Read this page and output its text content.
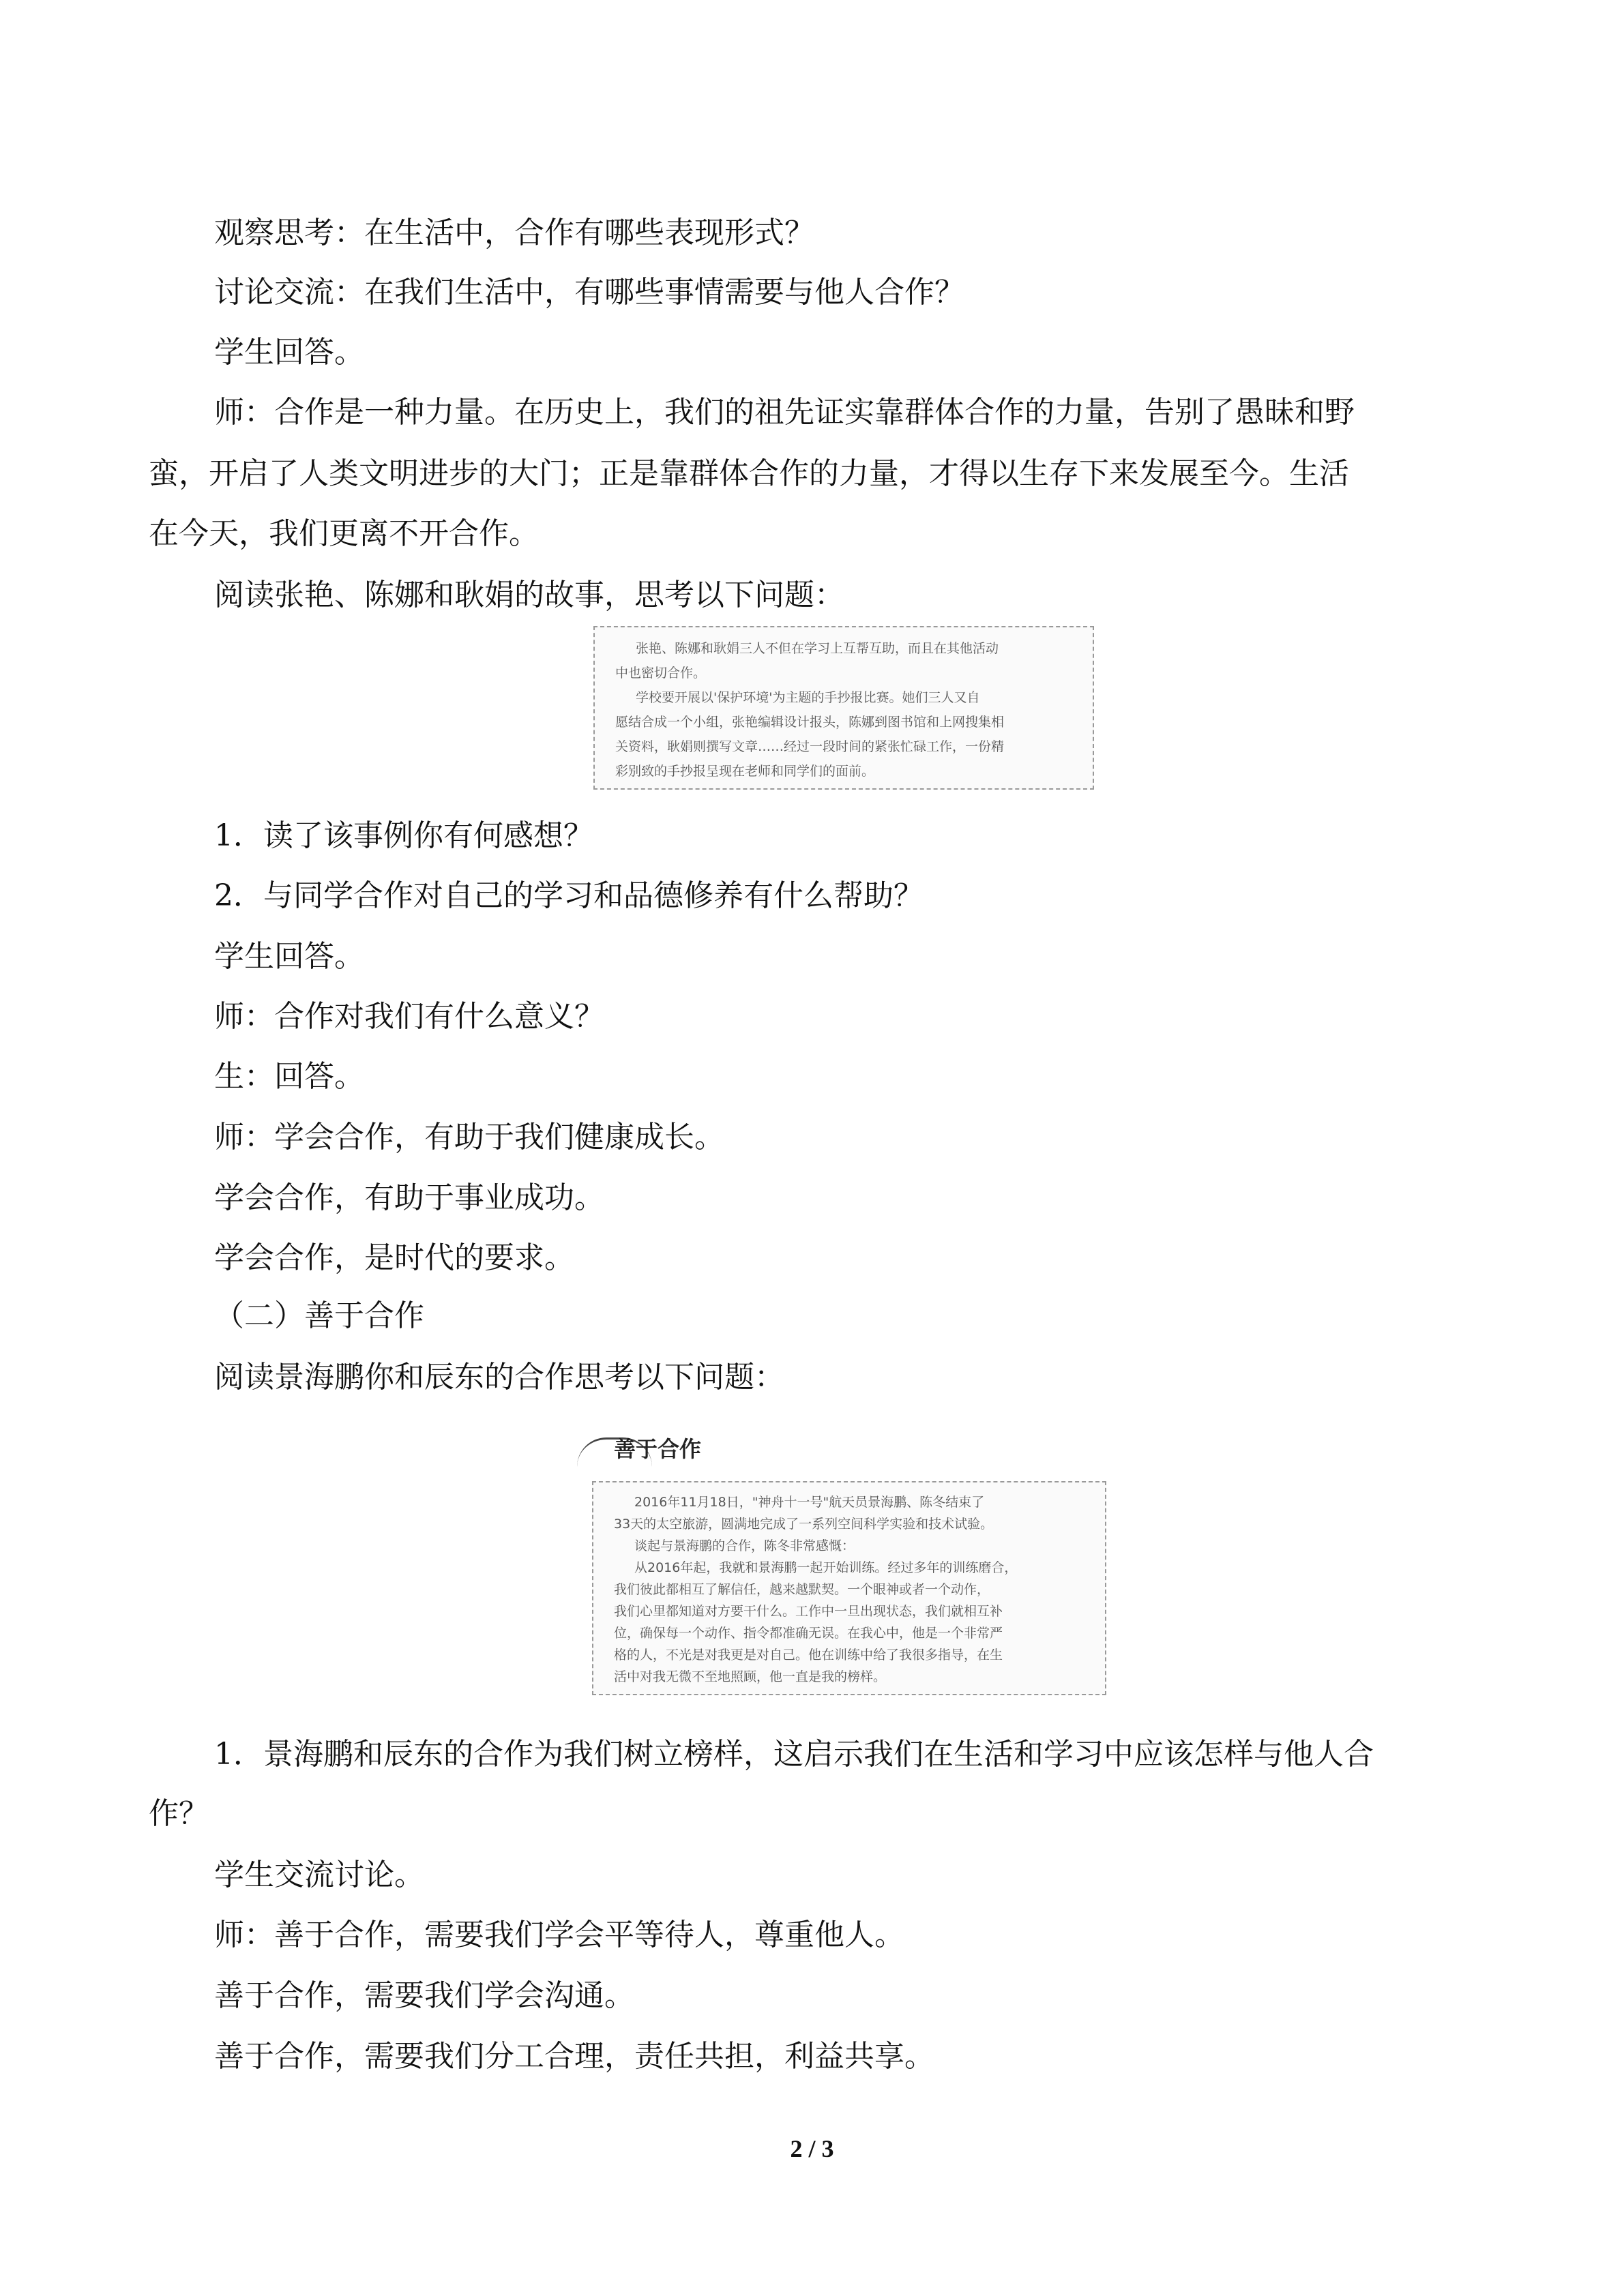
观察思考：在生活中，合作有哪些表现形式？
讨论交流：在我们生活中，有哪些事情需要与他人合作？
学生回答。
师：合作是一种力量。在历史上，我们的祖先证实靠群体合作的力量，告别了愚昧和野
蛮，开启了人类文明进步的大门；正是靠群体合作的力量，才得以生存下来发展至今。生活
在今天，我们更离不开合作。
阅读张艳、陈娜和耿娟的故事，思考以下问题：

张艳、陈娜和耿娟三人不但在学习上互帮互助，而且在其他活动

中也密切合作。

学校要开展以'保护环境'为主题的手抄报比赛。她们三人又自

愿结合成一个小组，张艳编辑设计报头，陈娜到图书馆和上网搜集相

关资料，耿娟则撰写文章……经过一段时间的紧张忙碌工作，一份精

彩别致的手抄报呈现在老师和同学们的面前。

1．读了该事例你有何感想？
2．与同学合作对自己的学习和品德修养有什么帮助？
学生回答。
师：合作对我们有什么意义？
生：回答。
师：学会合作，有助于我们健康成长。
学会合作，有助于事业成功。
学会合作，是时代的要求。
（二）善于合作
阅读景海鹏你和辰东的合作思考以下问题：
善于合作

2016年11月18日，"神舟十一号"航天员景海鹏、陈冬结束了

33天的太空旅游，圆满地完成了一系列空间科学实验和技术试验。

谈起与景海鹏的合作，陈冬非常感慨：

从2016年起，我就和景海鹏一起开始训练。经过多年的训练磨合，

我们彼此都相互了解信任，越来越默契。一个眼神或者一个动作，

我们心里都知道对方要干什么。工作中一旦出现状态，我们就相互补

位，确保每一个动作、指令都准确无误。在我心中，他是一个非常严

格的人，不光是对我更是对自己。他在训练中给了我很多指导，在生

活中对我无微不至地照顾，他一直是我的榜样。

1．景海鹏和辰东的合作为我们树立榜样，这启示我们在生活和学习中应该怎样与他人合
作？
学生交流讨论。
师：善于合作，需要我们学会平等待人，尊重他人。
善于合作，需要我们学会沟通。
善于合作，需要我们分工合理，责任共担，利益共享。
2 / 3
